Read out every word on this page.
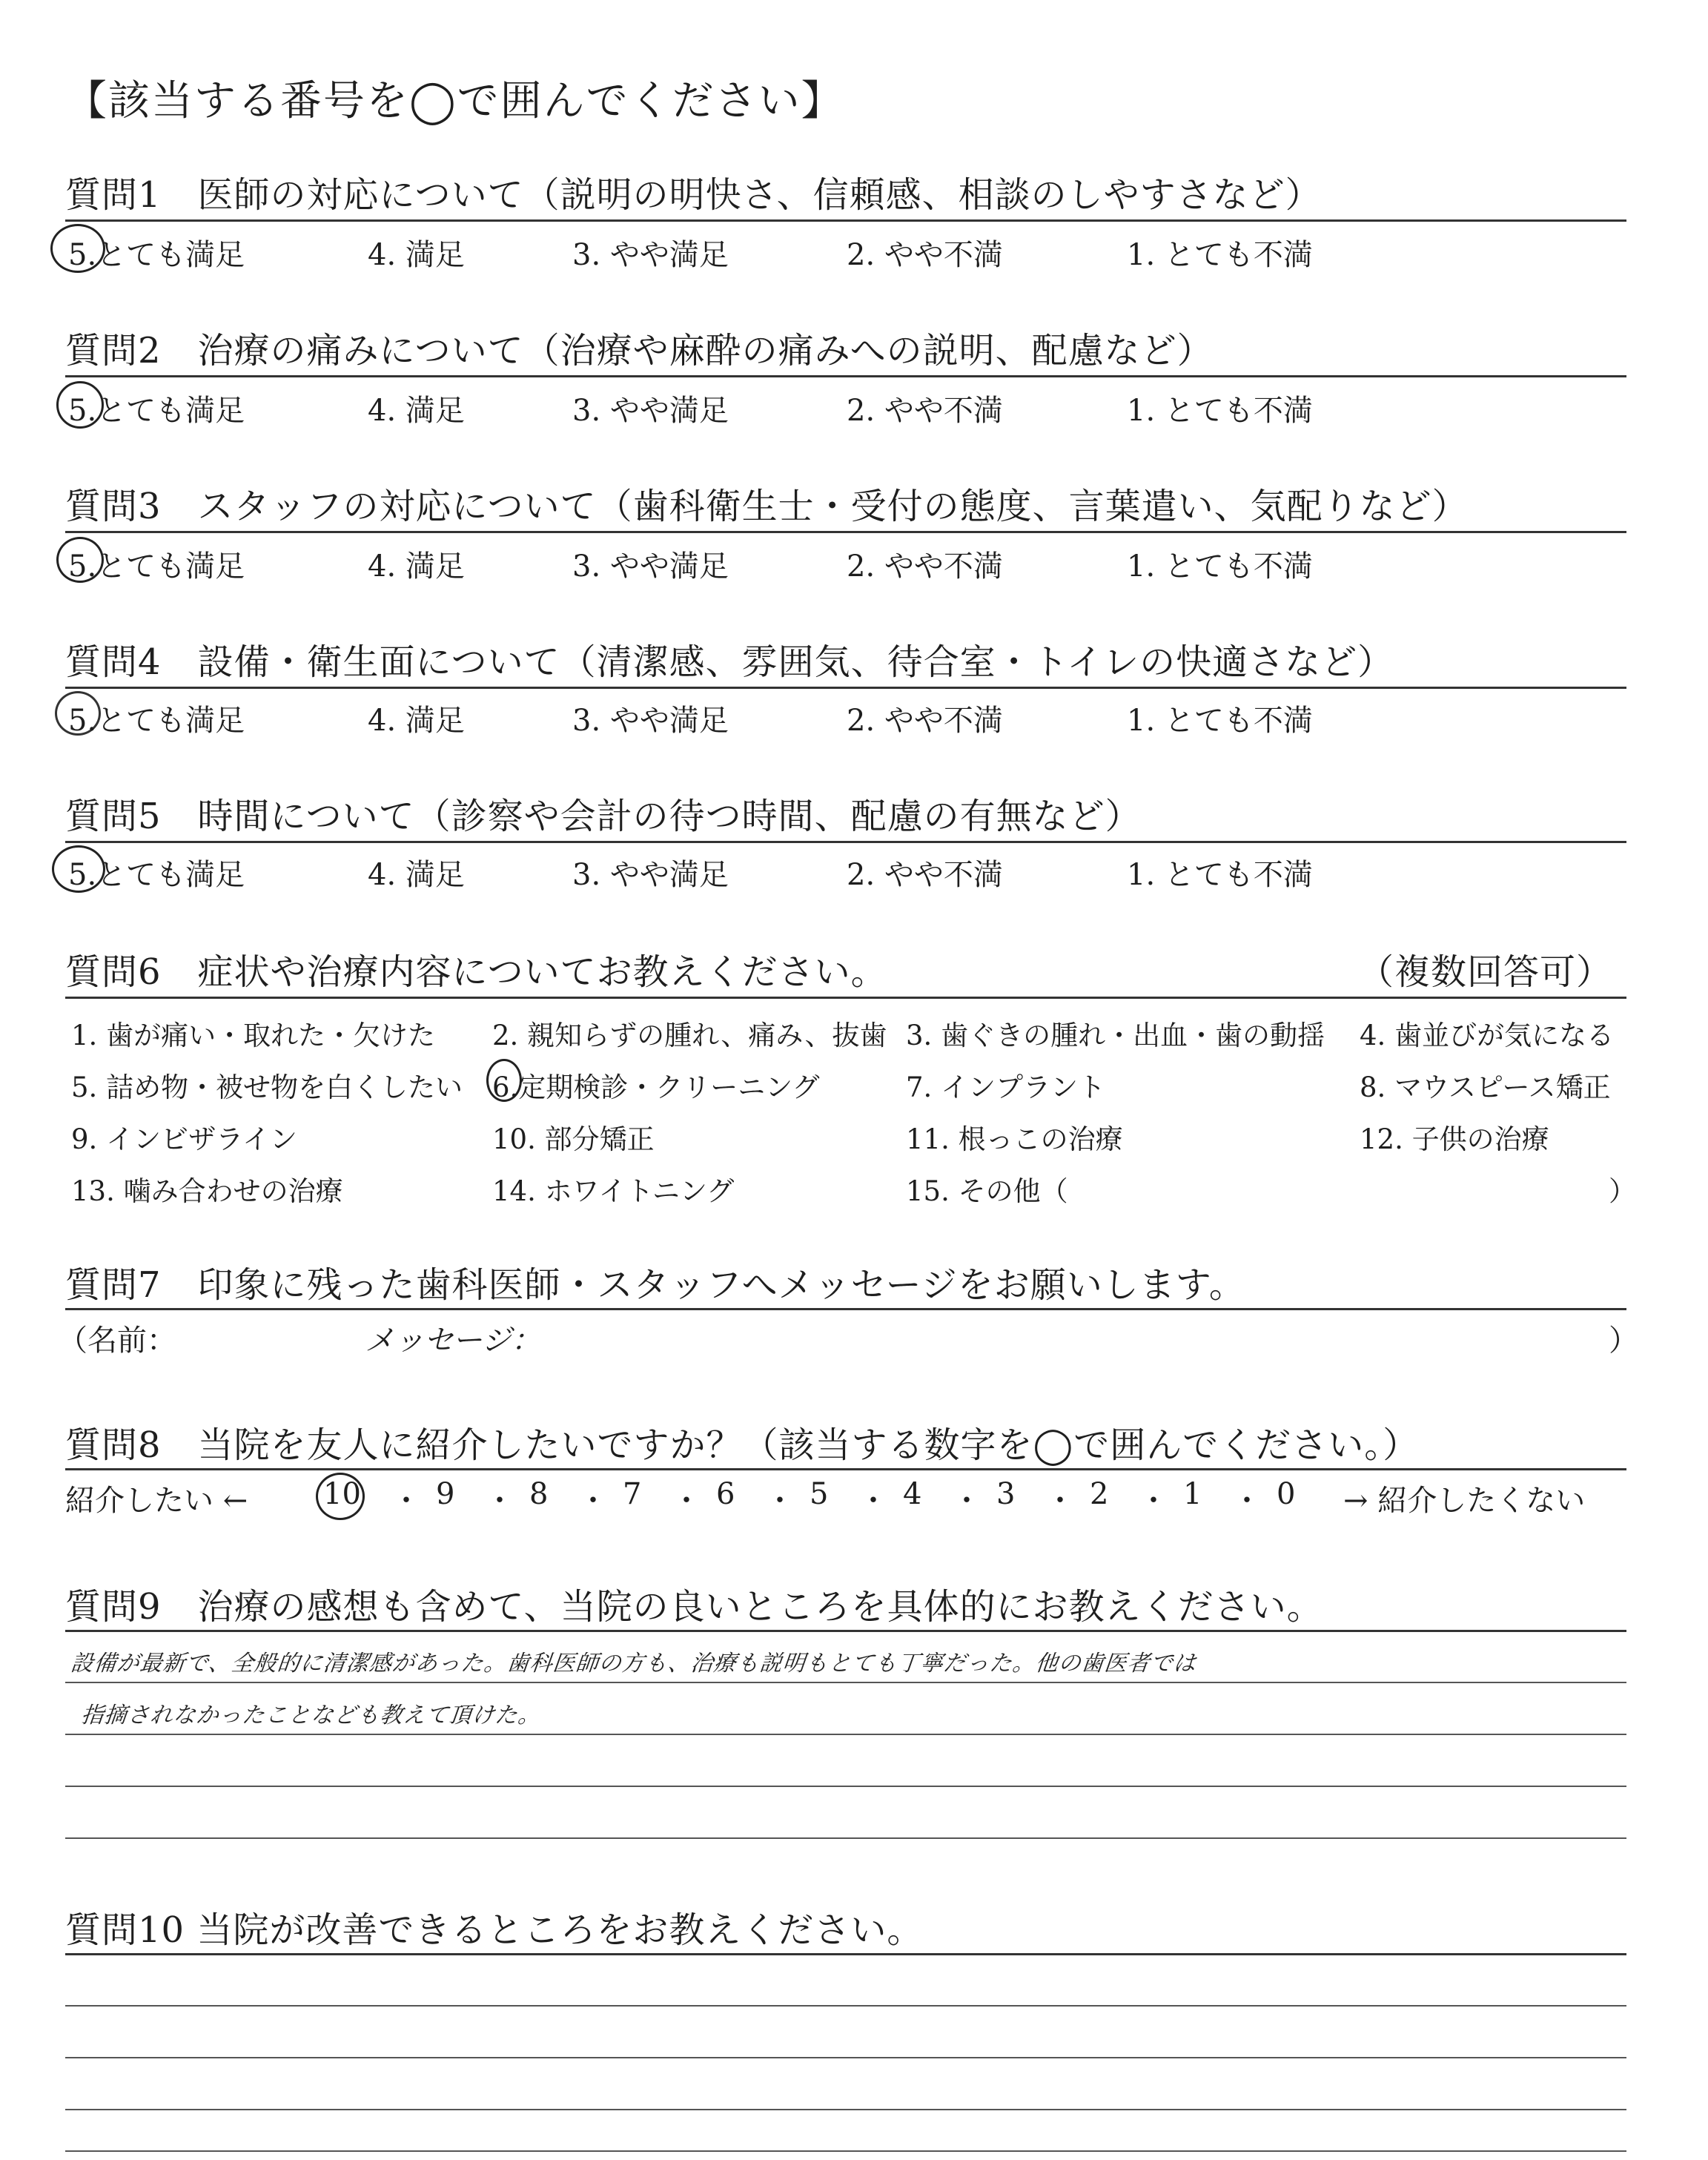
【該当する番号を◯で囲んでください】
質問1　医師の対応について（説明の明快さ、信頼感、相談のしやすさなど）
5.とても満足	4. 満足	3. やや満足	2. やや不満	1. とても不満
質問2　治療の痛みについて（治療や麻酔の痛みへの説明、配慮など）
5.とても満足	4. 満足	3. やや満足	2. やや不満	1. とても不満
質問3　スタッフの対応について（歯科衛生士・受付の態度、言葉遣い、気配りなど）
5.とても満足	4. 満足	3. やや満足	2. やや不満	1. とても不満
質問4　設備・衛生面について（清潔感、雰囲気、待合室・トイレの快適さなど）
5.とても満足	4. 満足	3. やや満足	2. やや不満	1. とても不満
質問5　時間について（診察や会計の待つ時間、配慮の有無など）
5.とても満足	4. 満足	3. やや満足	2. やや不満	1. とても不満
質問6　症状や治療内容についてお教えください。	（複数回答可）
1. 歯が痛い・取れた・欠けた 2. 親知らずの腫れ、痛み、抜歯 3. 歯ぐきの腫れ・出血・歯の動揺 4. 歯並びが気になる
5. 詰め物・被せ物を白くしたい 6.定期検診・クリーニング	7. インプラント	8. マウスピース矯正
9. インビザライン	10. 部分矯正	11. 根っこの治療	12. 子供の治療
13. 噛み合わせの治療	14. ホワイトニング	15. その他（	）
質問7　印象に残った歯科医師・スタッフへメッセージをお願いします。
（名前：	メッセージ：	）
質問8　当院を友人に紹介したいですか？（該当する数字を◯で囲んでください。）
紹介したい ←	10 ・ 9 ・ 8 ・ 7 ・ 6 ・ 5 ・ 4 ・ 3 ・ 2 ・ 1 ・ 0 → 紹介したくない
質問9　治療の感想も含めて、当院の良いところを具体的にお教えください。
設備が最新で、全般的に清潔感があった。歯科医師の方も、治療も説明もとても丁寧だった。他の歯医者では
指摘されなかったことなども教えて頂けた。
質問10 当院が改善できるところをお教えください。
